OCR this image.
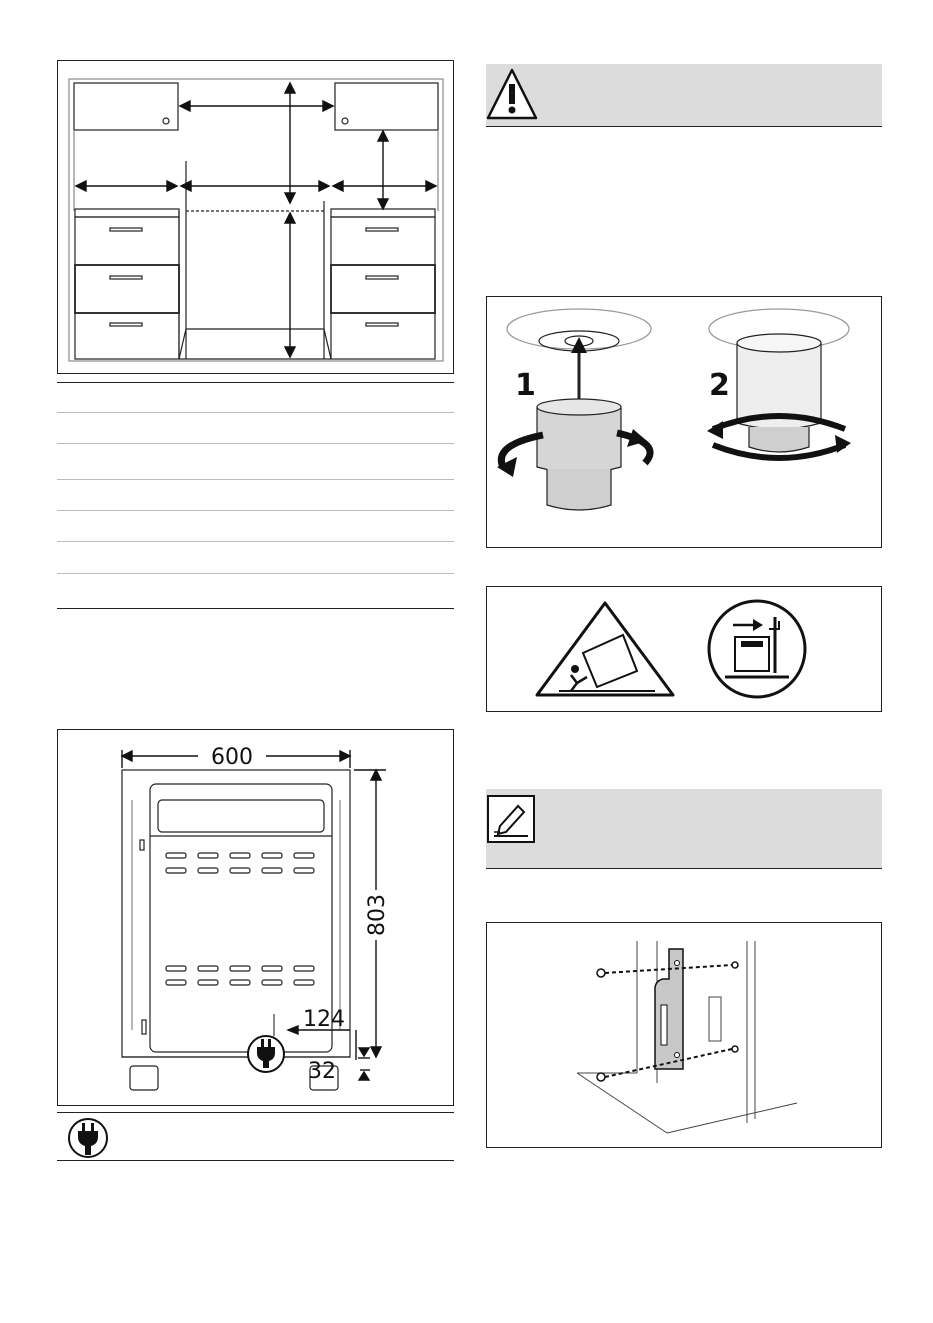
600
803
124
32
1	2
